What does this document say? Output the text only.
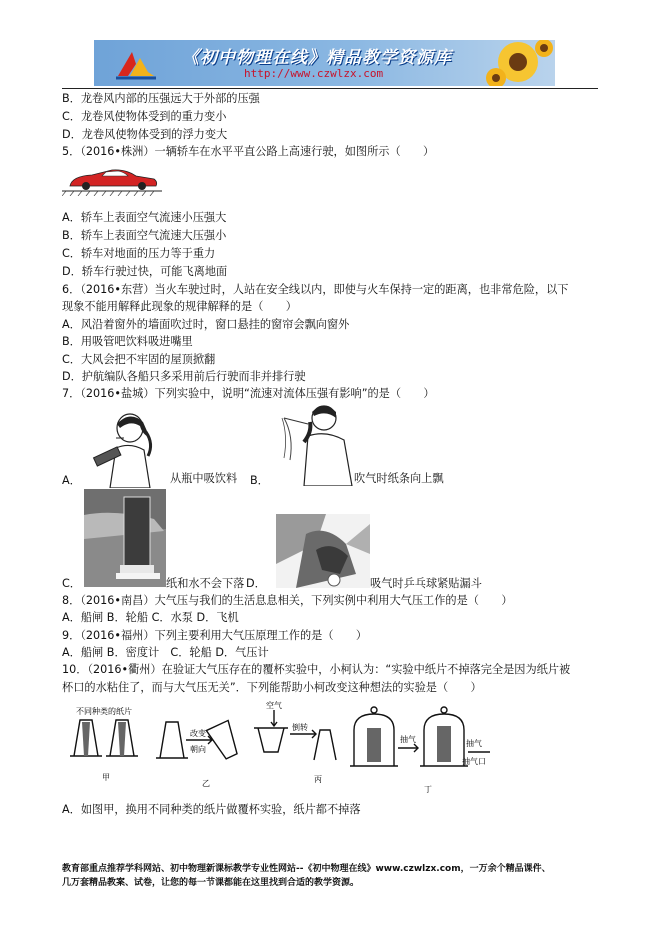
《初中物理在线》精品教学资源库
http://www.czwlzx.com
B．龙卷风内部的压强远大于外部的压强
C．龙卷风使物体受到的重力变小
D．龙卷风使物体受到的浮力变大
5．（2016•株洲）一辆轿车在水平平直公路上高速行驶，如图所示（　　）
A．轿车上表面空气流速小压强大
B．轿车上表面空气流速大压强小
C．轿车对地面的压力等于重力
D．轿车行驶过快，可能飞离地面
6．（2016•东营）当火车驶过时，人站在安全线以内，即使与火车保持一定的距离，也非常危险，以下
现象不能用解释此现象的规律解释的是（　　）
A．风沿着窗外的墙面吹过时，窗口悬挂的窗帘会飘向窗外
B．用吸管吧饮料吸进嘴里
C．大风会把不牢固的屋顶掀翻
D．护航编队各船只多采用前后行驶而非并排行驶
7．（2016•盐城）下列实验中，说明“流速对流体压强有影响”的是（　　）
A．	从瓶中吸饮料 B．	吹气时纸条向上飘
C．	纸和水不会下落 D．	吸气时乒乓球紧贴漏斗
8．（2016•南昌）大气压与我们的生活息息相关，下列实例中利用大气压工作的是（　　）
A．船闸 B．轮船 C．水泵 D．飞机
9．（2016•福州）下列主要利用大气压原理工作的是（　　）
A．船闸 B．密度计　C．轮船 D．气压计
10．（2016•衢州）在验证大气压存在的覆杯实验中，小柯认为：“实验中纸片不掉落完全是因为纸片被
杯口的水粘住了，而与大气压无关”．下列能帮助小柯改变这种想法的实验是（　　）
不同种类的纸片
甲
改变
朝向
乙
空气
倒转
丙
抽气	抽气
抽气口
丁
A．如图甲，换用不同种类的纸片做覆杯实验，纸片都不掉落
教育部重点推荐学科网站、初中物理新课标教学专业性网站--《初中物理在线》www.czwlzx.com，一万余个精品课件、
几万套精品教案、试卷，让您的每一节课都能在这里找到合适的教学资源。
